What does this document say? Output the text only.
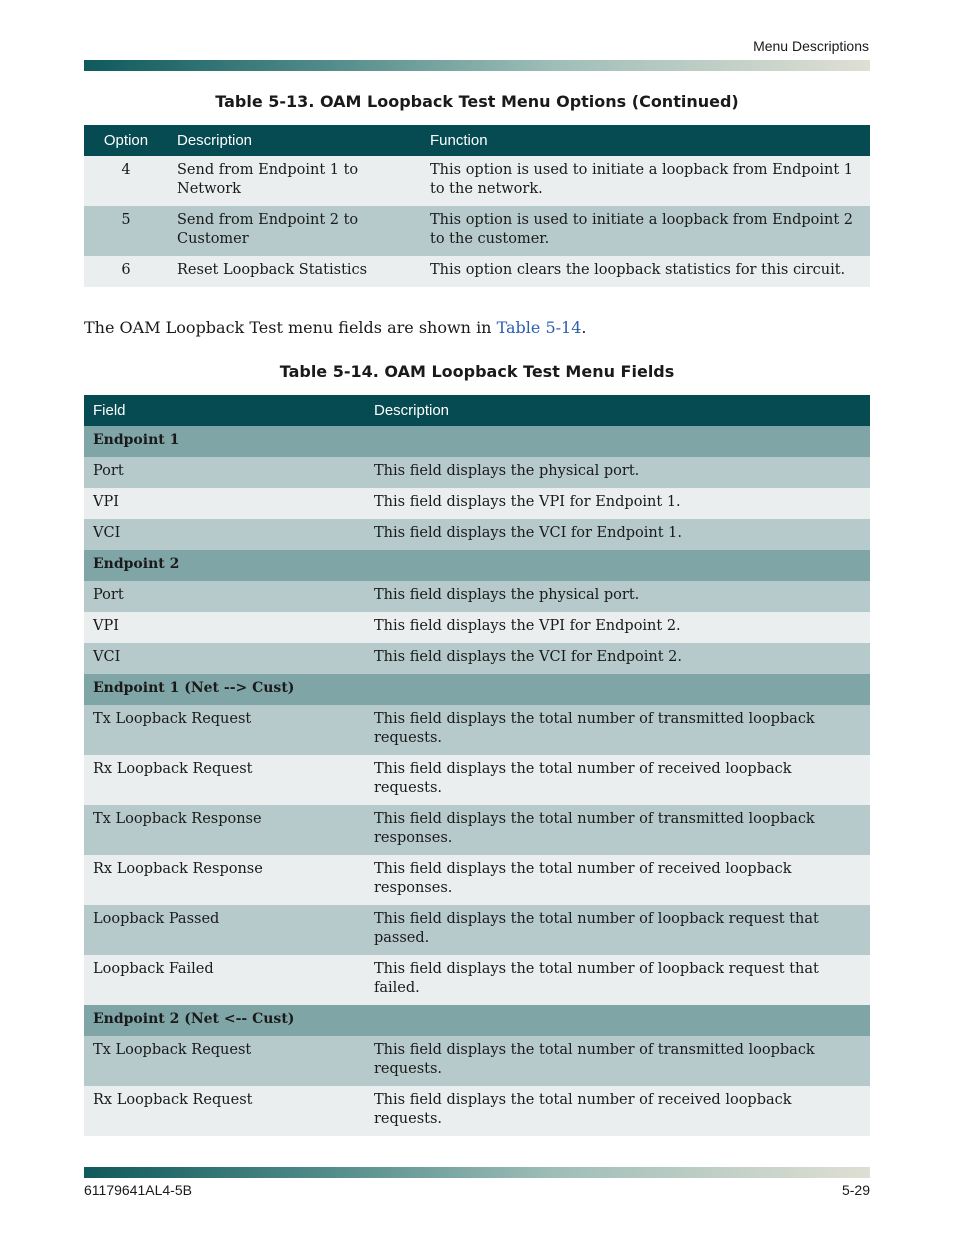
Menu Descriptions
Table 5-13. OAM Loopback Test Menu Options (Continued)
Option	Description	Function
4	Send from Endpoint 1 to Network	This option is used to initiate a loopback from Endpoint 1 to the network.
5	Send from Endpoint 2 to Customer	This option is used to initiate a loopback from Endpoint 2 to the customer.
6	Reset Loopback Statistics	This option clears the loopback statistics for this circuit.
The OAM Loopback Test menu fields are shown in Table 5-14.
Table 5-14. OAM Loopback Test Menu Fields
Field	Description
Endpoint 1	
Port	This field displays the physical port.
VPI	This field displays the VPI for Endpoint 1.
VCI	This field displays the VCI for Endpoint 1.
Endpoint 2	
Port	This field displays the physical port.
VPI	This field displays the VPI for Endpoint 2.
VCI	This field displays the VCI for Endpoint 2.
Endpoint 1 (Net --> Cust)	
Tx Loopback Request	This field displays the total number of transmitted loopback requests.
Rx Loopback Request	This field displays the total number of received loopback requests.
Tx Loopback Response	This field displays the total number of transmitted loopback responses.
Rx Loopback Response	This field displays the total number of received loopback responses.
Loopback Passed	This field displays the total number of loopback request that passed.
Loopback Failed	This field displays the total number of loopback request that failed.
Endpoint 2 (Net <-- Cust)	
Tx Loopback Request	This field displays the total number of transmitted loopback requests.
Rx Loopback Request	This field displays the total number of received loopback requests.
61179641AL4-5B	5-29
